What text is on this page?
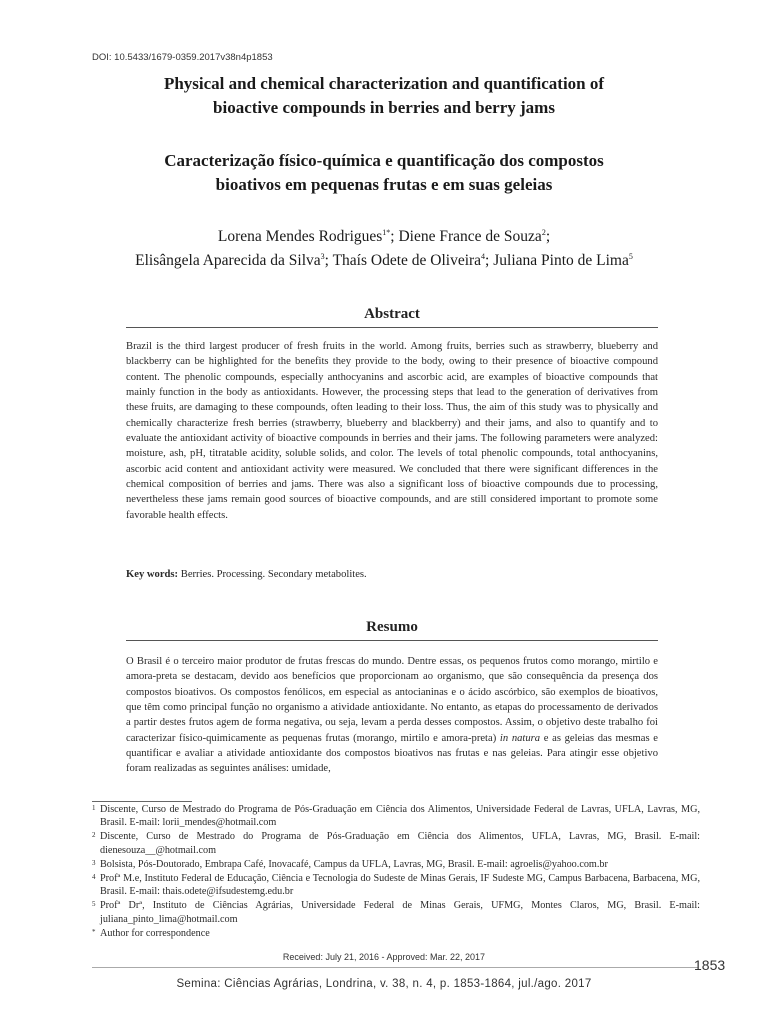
DOI: 10.5433/1679-0359.2017v38n4p1853
Physical and chemical characterization and quantification of
bioactive compounds in berries and berry jams
Caracterização físico-química e quantificação dos compostos
bioativos em pequenas frutas e em suas geleias
Lorena Mendes Rodrigues$^{1*}$; Diene France de Souza$^2$;
Elisângela Aparecida da Silva$^3$; Thaís Odete de Oliveira$^4$; Juliana Pinto de Lima$^5$
Abstract
Brazil is the third largest producer of fresh fruits in the world. Among fruits, berries such as strawberry, blueberry and blackberry can be highlighted for the benefits they provide to the body, owing to their presence of bioactive compound content. The phenolic compounds, especially anthocyanins and ascorbic acid, are examples of bioactive compounds that mainly function in the body as antioxidants. However, the processing steps that lead to the generation of derivatives from these fruits, are damaging to these compounds, often leading to their loss. Thus, the aim of this study was to physically and chemically characterize fresh berries (strawberry, blueberry and blackberry) and their jams, and also to quantify and to evaluate the antioxidant activity of bioactive compounds in berries and their jams. The following parameters were analyzed: moisture, ash, pH, titratable acidity, soluble solids, and color. The levels of total phenolic compounds, total anthocyanins, ascorbic acid content and antioxidant activity were measured. We concluded that there were significant differences in the chemical composition of berries and jams. There was also a significant loss of bioactive compounds due to processing, nevertheless these jams remain good sources of bioactive compounds, and are still considered important to promote some favorable health effects.
Key words: Berries. Processing. Secondary metabolites.
Resumo
O Brasil é o terceiro maior produtor de frutas frescas do mundo. Dentre essas, os pequenos frutos como morango, mirtilo e amora-preta se destacam, devido aos benefícios que proporcionam ao organismo, que são consequência da presença dos compostos bioativos. Os compostos fenólicos, em especial as antocianinas e o ácido ascórbico, são exemplos de bioativos, que têm como principal função no organismo a atividade antioxidante. No entanto, as etapas do processamento de derivados a partir destes frutos agem de forma negativa, ou seja, levam a perda desses compostos. Assim, o objetivo deste trabalho foi caracterizar físico-quimicamente as pequenas frutas (morango, mirtilo e amora-preta) in natura e as geleias das mesmas e quantificar e avaliar a atividade antioxidante dos compostos bioativos nas frutas e nas geleias. Para atingir esse objetivo foram realizadas as seguintes análises: umidade,
1 Discente, Curso de Mestrado do Programa de Pós-Graduação em Ciência dos Alimentos, Universidade Federal de Lavras, UFLA, Lavras, MG, Brasil. E-mail: lorii_mendes@hotmail.com
2 Discente, Curso de Mestrado do Programa de Pós-Graduação em Ciência dos Alimentos, UFLA, Lavras, MG, Brasil. E-mail: dienesouza__@hotmail.com
3 Bolsista, Pós-Doutorado, Embrapa Café, Inovacafé, Campus da UFLA, Lavras, MG, Brasil. E-mail: agroelis@yahoo.com.br
4 Profª M.e, Instituto Federal de Educação, Ciência e Tecnologia do Sudeste de Minas Gerais, IF Sudeste MG, Campus Barbacena, Barbacena, MG, Brasil. E-mail: thais.odete@ifsudestemg.edu.br
5 Profª Drª, Instituto de Ciências Agrárias, Universidade Federal de Minas Gerais, UFMG, Montes Claros, MG, Brasil. E-mail: juliana_pinto_lima@hotmail.com
* Author for correspondence
Received: July 21, 2016 - Approved: Mar. 22, 2017	1853
Semina: Ciências Agrárias, Londrina, v. 38, n. 4, p. 1853-1864, jul./ago. 2017
